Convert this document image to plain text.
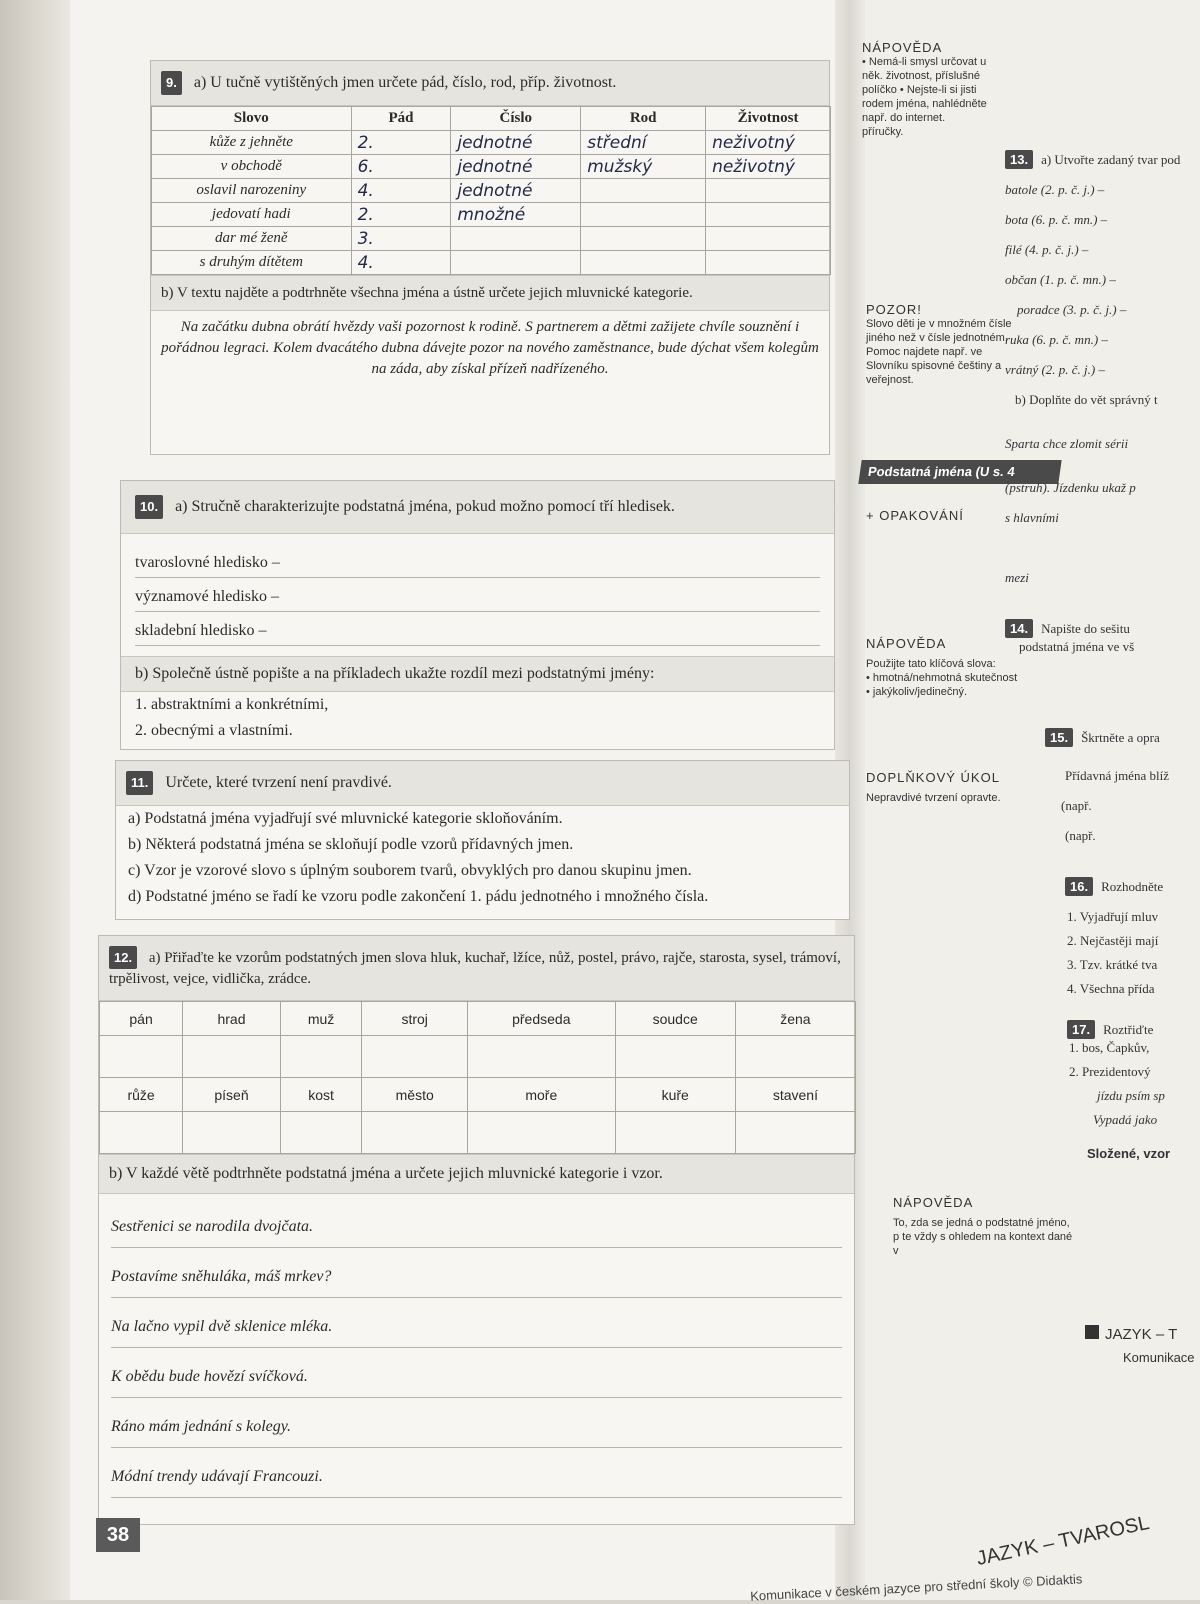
9. a) U tučně vytištěných jmen určete pád, číslo, rod, příp. životnost.
Slovo	Pád	Číslo	Rod	Životnost
kůže z jehněte	2.	jednotné	střední	neživotný
v obchodě	6.	jednotné	mužský	neživotný
oslavil narozeniny	4.	jednotné		
jedovatí hadi	2.	množné		
dar mé ženě	3.			
s druhým dítětem	4.			
b) V textu najděte a podtrhněte všechna jména a ústně určete jejich mluvnické kategorie.
Na začátku dubna obrátí hvězdy vaši pozornost k rodině. S partnerem a dětmi zažijete chvíle souznění i pořádnou legraci. Kolem dvacátého dubna dávejte pozor na nového zaměstnance, bude dýchat všem kolegům na záda, aby získal přízeň nadřízeného.
NÁPOVĚDA
• Nemá-li smysl určovat u něk. životnost, příslušné políčko • Nejste-li si jisti rodem jména, nahlédněte např. do internet. příručky.
POZOR!
Slovo děti je v množném čísle jiného než v čísle jednotném. Pomoc najdete např. ve Slovníku spisovné češtiny a veřejnost.
Podstatná jména (U s. 4
10. a) Stručně charakterizujte podstatná jména, pokud možno pomocí tří hledisek.
tvaroslovné hledisko –
významové hledisko –
skladební hledisko –
b) Společně ústně popište a na příkladech ukažte rozdíl mezi podstatnými jmény:
1. abstraktními a konkrétními,
2. obecnými a vlastními.
+ OPAKOVÁNÍ
NÁPOVĚDA
Použijte tato klíčová slova:
• hmotná/nehmotná skutečnost
• jakýkoliv/jedinečný.
11. Určete, které tvrzení není pravdivé.
a) Podstatná jména vyjadřují své mluvnické kategorie skloňováním.
b) Některá podstatná jména se skloňují podle vzorů přídavných jmen.
c) Vzor je vzorové slovo s úplným souborem tvarů, obvyklých pro danou skupinu jmen.
d) Podstatné jméno se řadí ke vzoru podle zakončení 1. pádu jednotného i množného čísla.
DOPLŇKOVÝ ÚKOL
Nepravdivé tvrzení opravte.
12. a) Přiřaďte ke vzorům podstatných jmen slova hluk, kuchař, lžíce, nůž, postel, právo, rajče, starosta, sysel, trámoví, trpělivost, vejce, vidlička, zrádce.
pán	hrad	muž	stroj	předseda	soudce	žena

růže	píseň	kost	město	moře	kuře	stavení

b) V každé větě podtrhněte podstatná jména a určete jejich mluvnické kategorie i vzor.
Sestřenici se narodila dvojčata.
Postavíme sněhuláka, máš mrkev?
Na lačno vypil dvě sklenice mléka.
K obědu bude hovězí svíčková.
Ráno mám jednání s kolegy.
Módní trendy udávají Francouzi.
NÁPOVĚDA
To, zda se jedná o podstatné jméno, p te vždy s ohledem na kontext dané v
38
13. a) Utvořte zadaný tvar pod
batole (2. p. č. j.) –
bota (6. p. č. mn.) –
filé (4. p. č. j.) –
občan (1. p. č. mn.) –
poradce (3. p. č. j.) –
ruka (6. p. č. mn.) –
vrátný (2. p. č. j.) –
b) Doplňte do vět správný t
Sparta chce zlomit sérii
(pstruh). Jízdenku ukaž p
s hlavními
mezi
14. Napište do sešitu
podstatná jména ve vš
15. Škrtněte a opra
Přídavná jména blíž
(např.
(např.
16. Rozhodněte
1. Vyjadřují mluv
2. Nejčastěji mají
3. Tzv. krátké tva
4. Všechna přída
17. Roztřiďte
1. bos, Čapkův,
2. Prezidentový
jízdu psím sp
Vypadá jako
Složené, vzor
JAZYK – T
Komunikace
JAZYK – TVAROSL
Komunikace v českém jazyce pro střední školy © Didaktis
